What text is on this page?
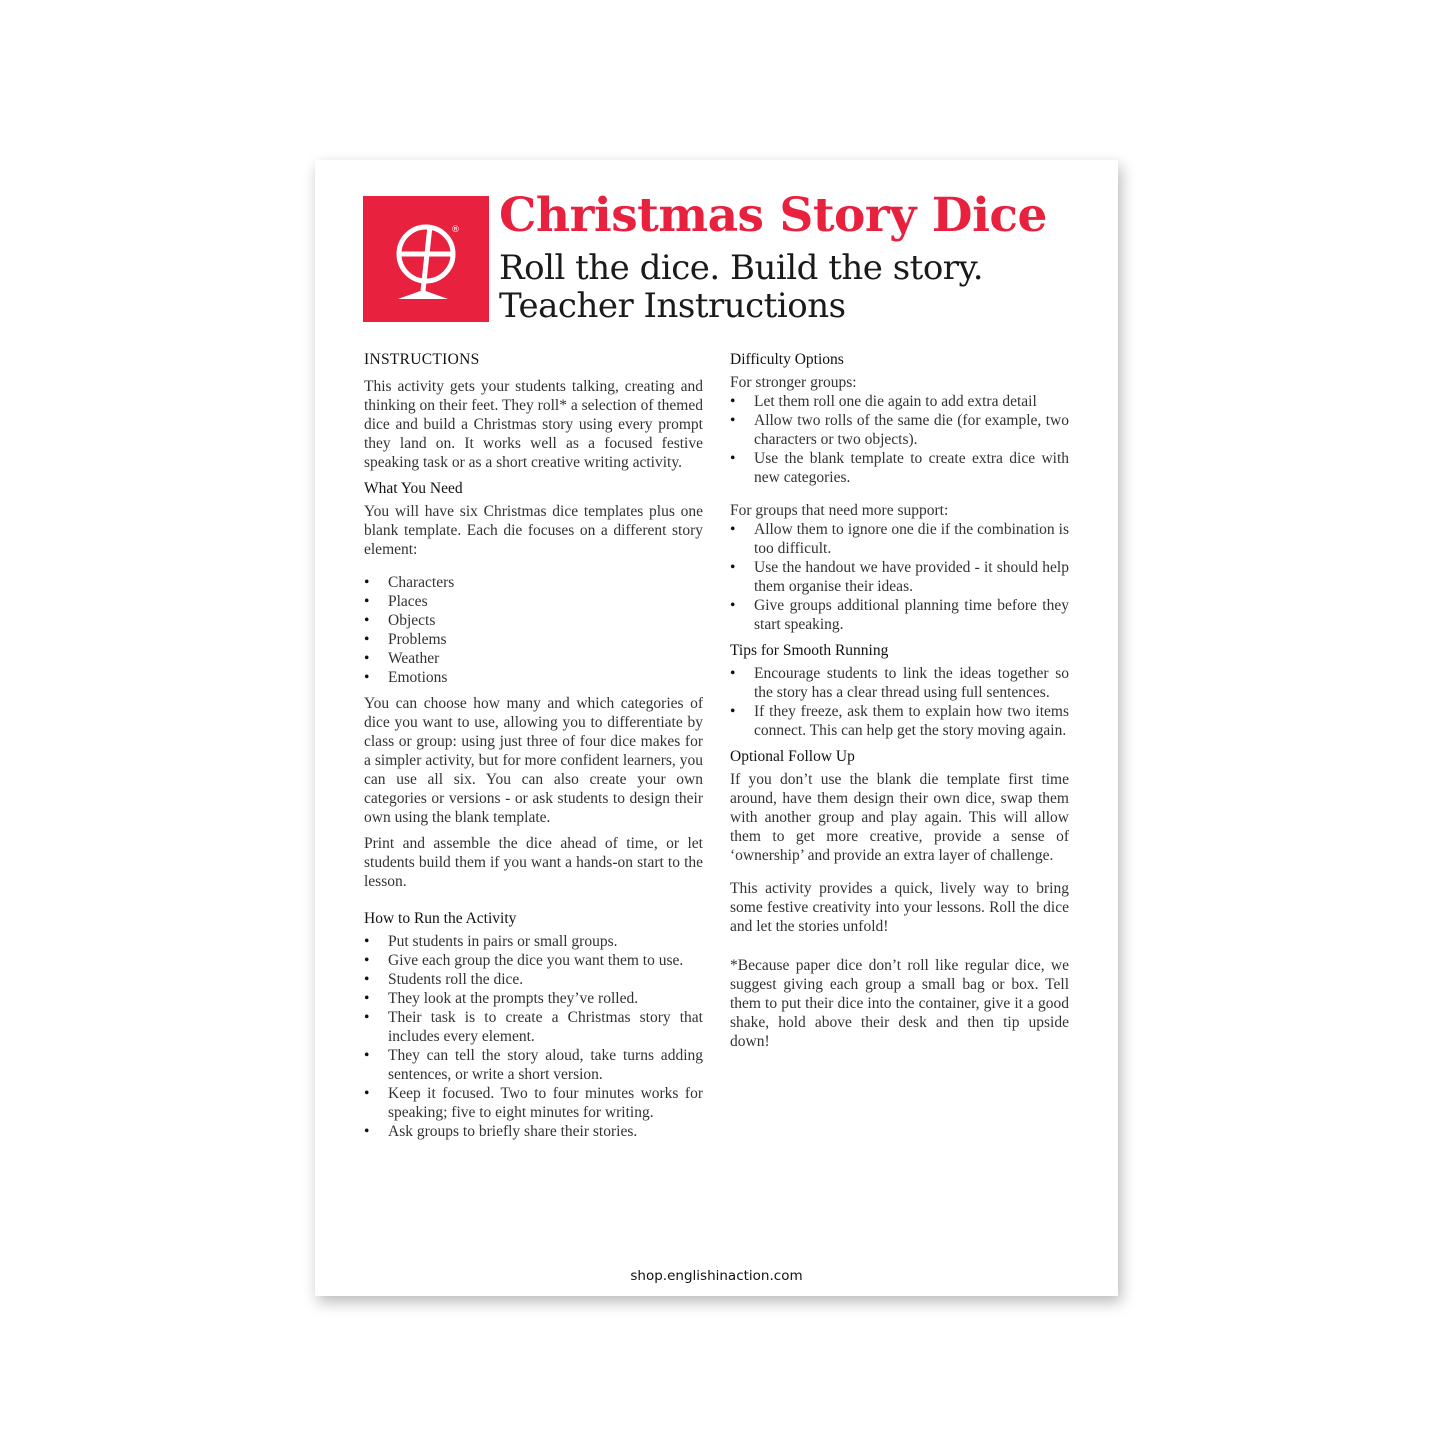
® Christmas Story Dice
Roll the dice. Build the story.
Teacher Instructions
INSTRUCTIONS

This activity gets your students talking, creating and thinking on their feet. They roll* a selection of themed dice and build a Christmas story using every prompt they land on. It works well as a focused festive speaking task or as a short creative writing activity.

What You Need

You will have six Christmas dice templates plus one blank template. Each die focuses on a different story element:

• Characters
• Places
• Objects
• Problems
• Weather
• Emotions

You can choose how many and which categories of dice you want to use, allowing you to differentiate by class or group: using just three of four dice makes for a simpler activity, but for more confident learners, you can use all six. You can also create your own categories or versions - or ask students to design their own using the blank template.

Print and assemble the dice ahead of time, or let students build them if you want a hands-on start to the lesson.

How to Run the Activity
• Put students in pairs or small groups.
• Give each group the dice you want them to use.
• Students roll the dice.
• They look at the prompts they’ve rolled.
• Their task is to create a Christmas story that includes every element.
• They can tell the story aloud, take turns adding sentences, or write a short version.
• Keep it focused. Two to four minutes works for speaking; five to eight minutes for writing.
• Ask groups to briefly share their stories.
Difficulty Options

For stronger groups:

• Let them roll one die again to add extra detail
• Allow two rolls of the same die (for example, two characters or two objects).
• Use the blank template to create extra dice with new categories.

For groups that need more support:

• Allow them to ignore one die if the combination is too difficult.
• Use the handout we have provided - it should help them organise their ideas.
• Give groups additional planning time before they start speaking.
Tips for Smooth Running
• Encourage students to link the ideas together so the story has a clear thread using full sentences.
• If they freeze, ask them to explain how two items connect. This can help get the story moving again.
Optional Follow Up

If you don’t use the blank die template first time around, have them design their own dice, swap them with another group and play again. This will allow them to get more creative, provide a sense of ‘ownership’ and provide an extra layer of challenge.

This activity provides a quick, lively way to bring some festive creativity into your lessons. Roll the dice and let the stories unfold!

*Because paper dice don’t roll like regular dice, we suggest giving each group a small bag or box. Tell them to put their dice into the container, give it a good shake, hold above their desk and then tip upside down!

shop.englishinaction.com
